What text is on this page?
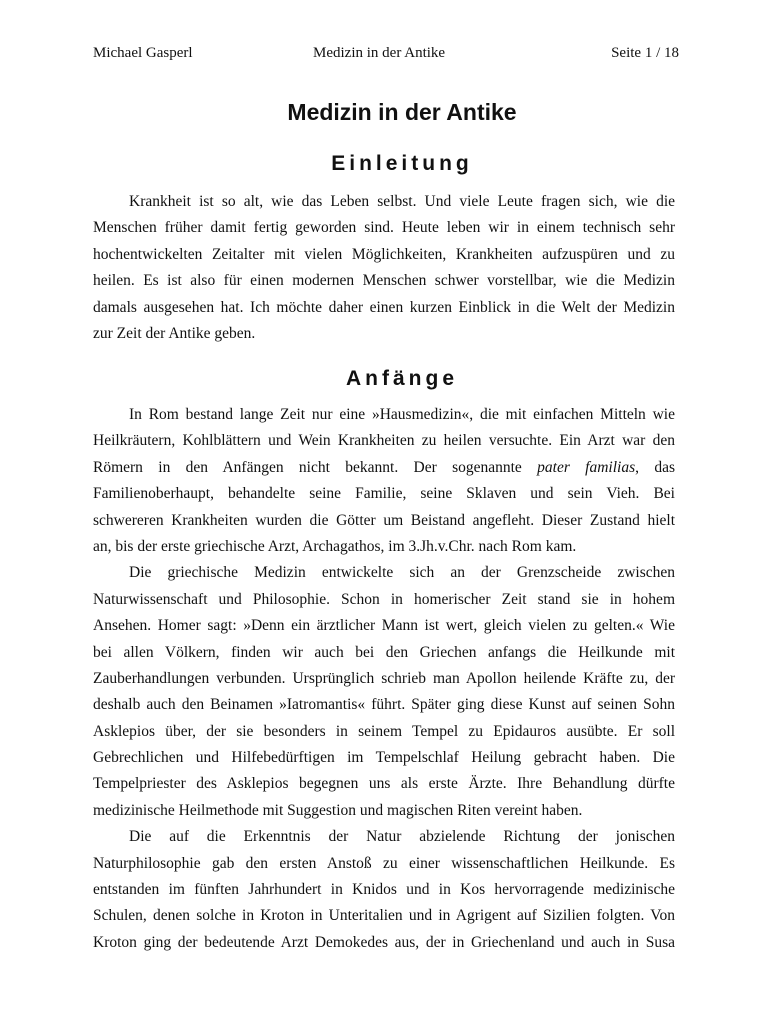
Michael Gasperl	Medizin in der Antike	Seite 1 / 18
Medizin in der Antike
Einleitung
Krankheit ist so alt, wie das Leben selbst. Und viele Leute fragen sich, wie die
Menschen früher damit fertig geworden sind. Heute leben wir in einem technisch sehr
hochentwickelten Zeitalter mit vielen Möglichkeiten, Krankheiten aufzuspüren und zu
heilen. Es ist also für einen modernen Menschen schwer vorstellbar, wie die Medizin
damals ausgesehen hat. Ich möchte daher einen kurzen Einblick in die Welt der Medizin
zur Zeit der Antike geben.
Anfänge
In Rom bestand lange Zeit nur eine »Hausmedizin«, die mit einfachen Mitteln wie
Heilkräutern, Kohlblättern und Wein Krankheiten zu heilen versuchte. Ein Arzt war den
Römern in den Anfängen nicht bekannt. Der sogenannte pater familias, das
Familienoberhaupt, behandelte seine Familie, seine Sklaven und sein Vieh. Bei
schwereren Krankheiten wurden die Götter um Beistand angefleht. Dieser Zustand hielt
an, bis der erste griechische Arzt, Archagathos, im 3.Jh.v.Chr. nach Rom kam.
Die griechische Medizin entwickelte sich an der Grenzscheide zwischen
Naturwissenschaft und Philosophie. Schon in homerischer Zeit stand sie in hohem
Ansehen. Homer sagt: »Denn ein ärztlicher Mann ist wert, gleich vielen zu gelten.« Wie
bei allen Völkern, finden wir auch bei den Griechen anfangs die Heilkunde mit
Zauberhandlungen verbunden. Ursprünglich schrieb man Apollon heilende Kräfte zu, der
deshalb auch den Beinamen »Iatromantis« führt. Später ging diese Kunst auf seinen Sohn
Asklepios über, der sie besonders in seinem Tempel zu Epidauros ausübte. Er soll
Gebrechlichen und Hilfebedürftigen im Tempelschlaf Heilung gebracht haben. Die
Tempelpriester des Asklepios begegnen uns als erste Ärzte. Ihre Behandlung dürfte
medizinische Heilmethode mit Suggestion und magischen Riten vereint haben.
Die auf die Erkenntnis der Natur abzielende Richtung der jonischen
Naturphilosophie gab den ersten Anstoß zu einer wissenschaftlichen Heilkunde. Es
entstanden im fünften Jahrhundert in Knidos und in Kos hervorragende medizinische
Schulen, denen solche in Kroton in Unteritalien und in Agrigent auf Sizilien folgten. Von
Kroton ging der bedeutende Arzt Demokedes aus, der in Griechenland und auch in Susa
